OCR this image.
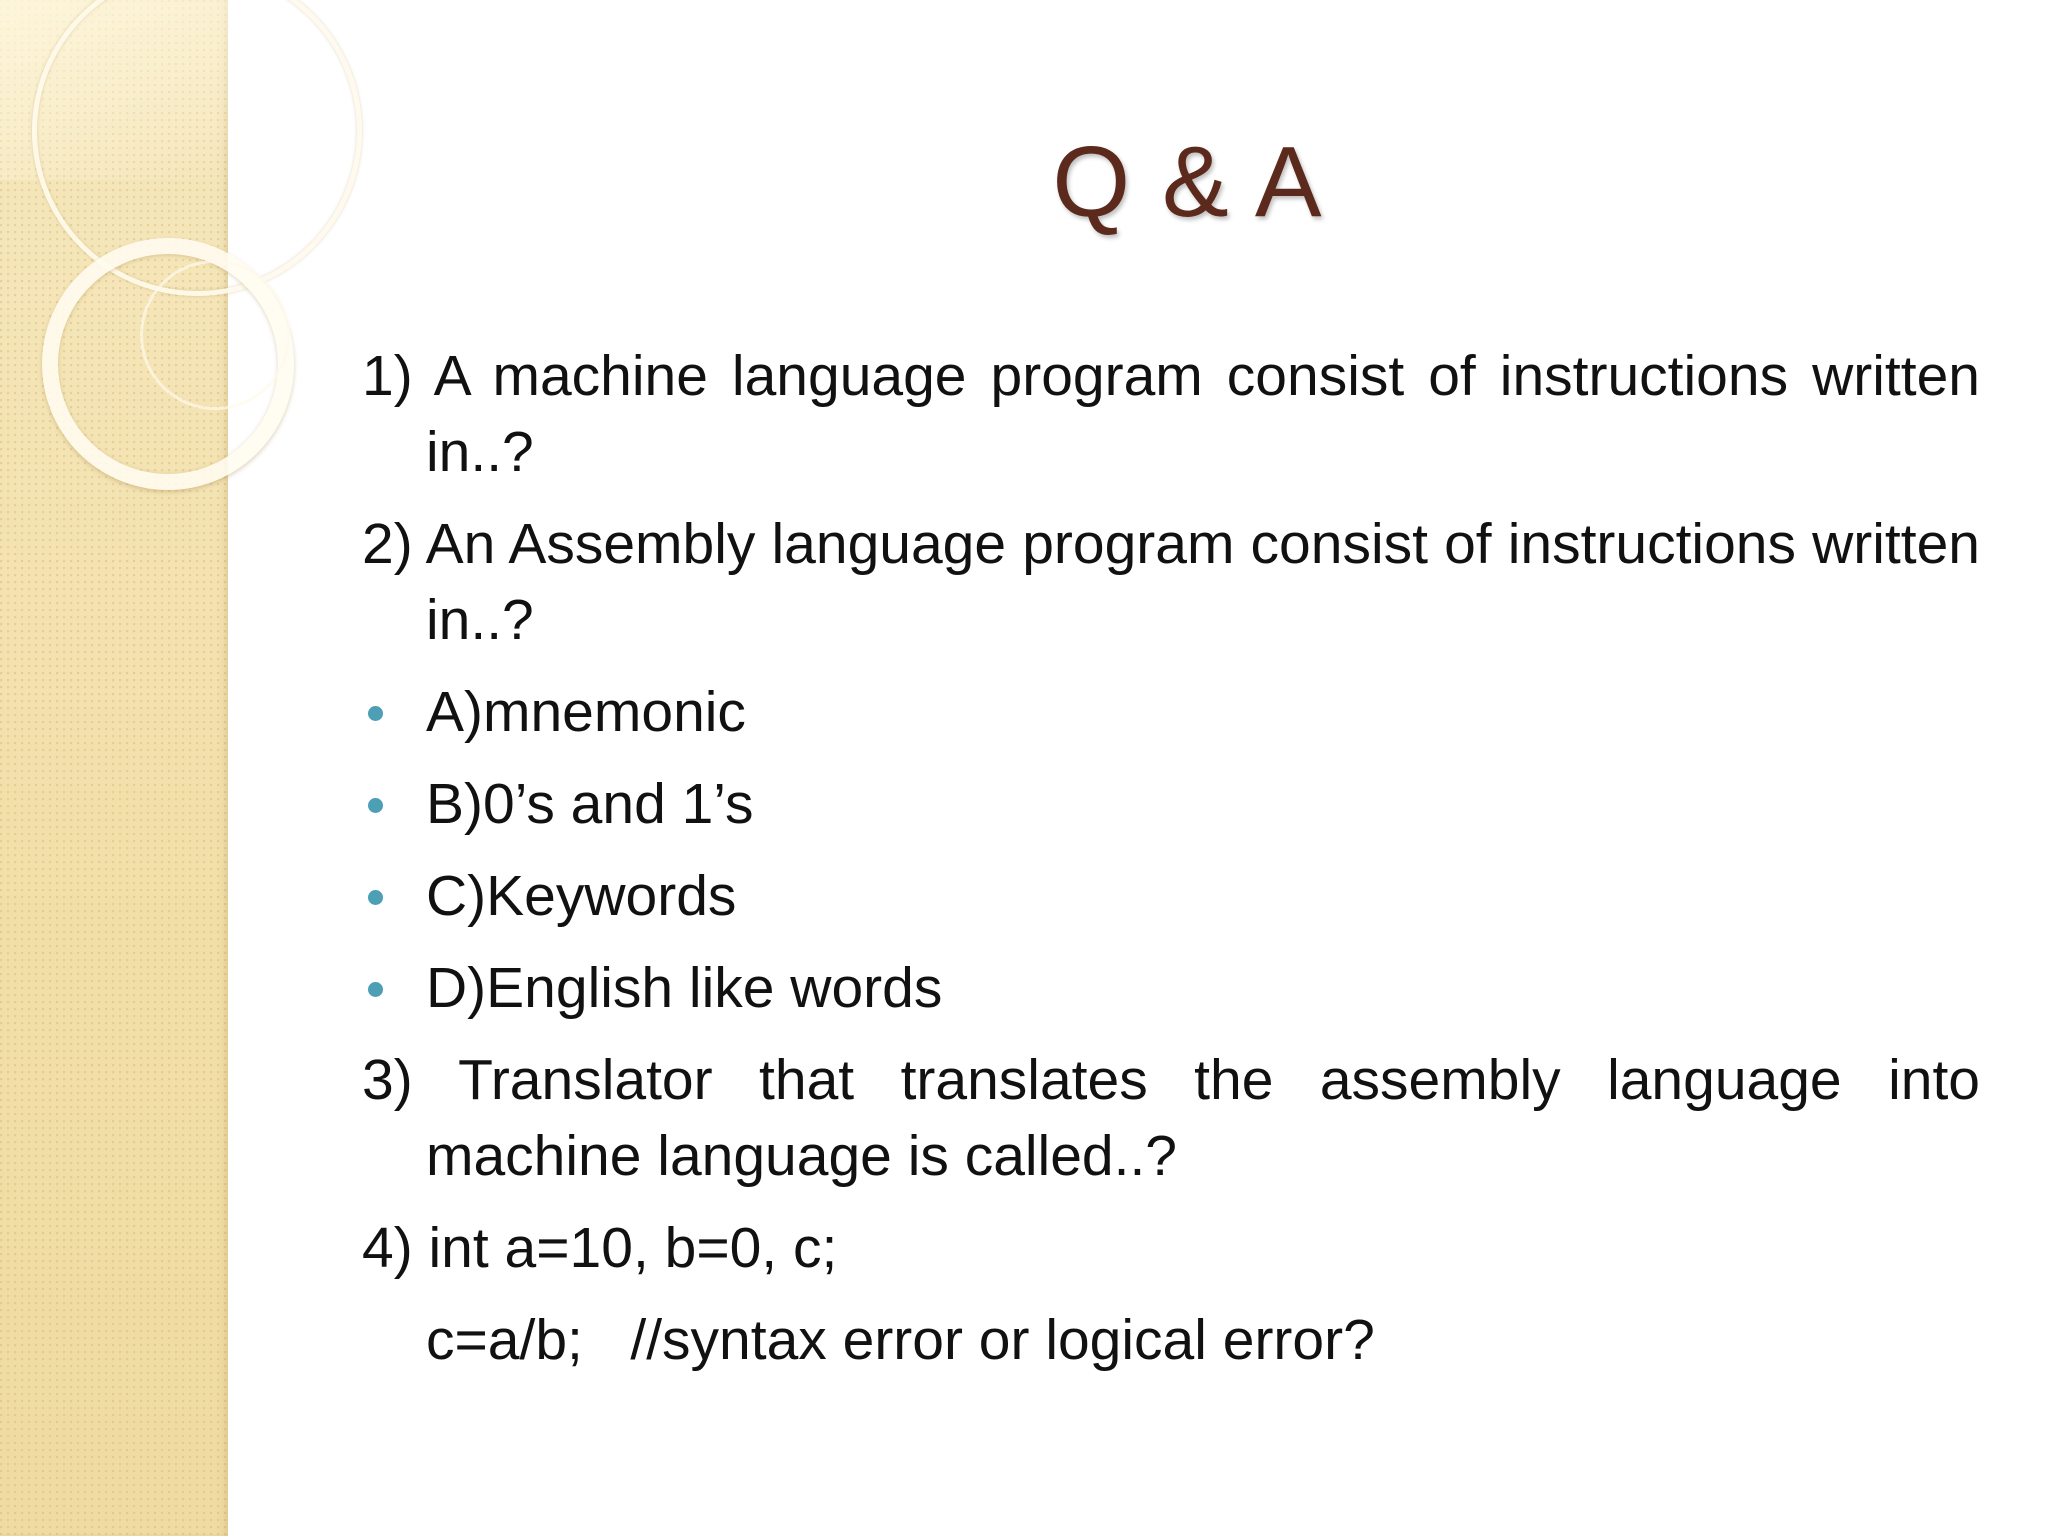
Q & A
1) A machine language program consist of instructions written in..?
2) An Assembly language program consist of instructions written in..?
A)mnemonic
B)0’s and 1’s
C)Keywords
D)English like words
3) Translator that translates the assembly language into machine language is called..?
4) int a=10, b=0, c;
c=a/b;   //syntax error or logical error?
